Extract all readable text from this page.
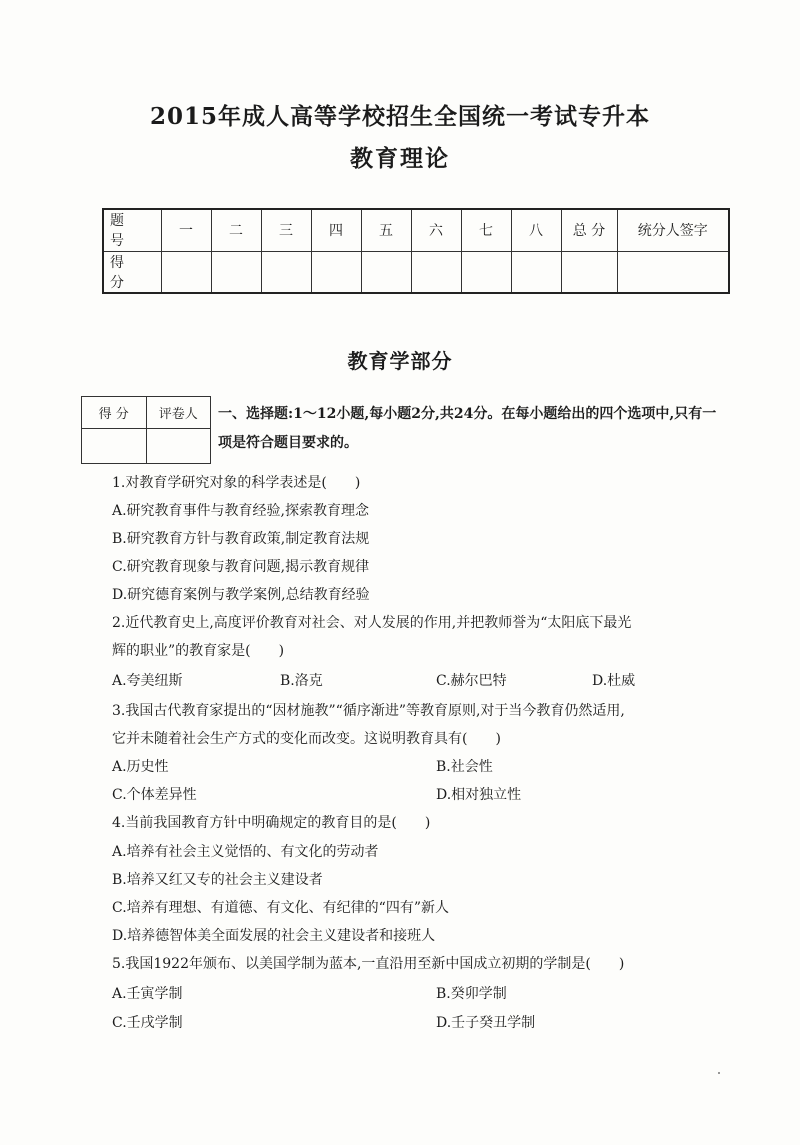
2015年成人高等学校招生全国统一考试专升本
教育理论
题号	一	二	三	四	五	六	七	八	总 分	统分人签字
得分										
教育学部分
得 分	评卷人
	一、选择题:1～12小题,每小题2分,共24分。在每小题给出的四个选项中,只有一项是符合题目要求的。
1.对教育学研究对象的科学表述是(　　)
A.研究教育事件与教育经验,探索教育理念
B.研究教育方针与教育政策,制定教育法规
C.研究教育现象与教育问题,揭示教育规律
D.研究德育案例与教学案例,总结教育经验
2.近代教育史上,高度评价教育对社会、对人发展的作用,并把教师誉为“太阳底下最光
辉的职业”的教育家是(　　)
A.夸美纽斯	B.洛克	C.赫尔巴特	D.杜威
3.我国古代教育家提出的“因材施教”“循序渐进”等教育原则,对于当今教育仍然适用,
它并未随着社会生产方式的变化而改变。这说明教育具有(　　)
A.历史性	B.社会性
C.个体差异性	D.相对独立性
4.当前我国教育方针中明确规定的教育目的是(　　)
A.培养有社会主义觉悟的、有文化的劳动者
B.培养又红又专的社会主义建设者
C.培养有理想、有道德、有文化、有纪律的“四有”新人
D.培养德智体美全面发展的社会主义建设者和接班人
5.我国1922年颁布、以美国学制为蓝本,一直沿用至新中国成立初期的学制是(　　)
A.壬寅学制	B.癸卯学制
C.壬戌学制	D.壬子癸丑学制
